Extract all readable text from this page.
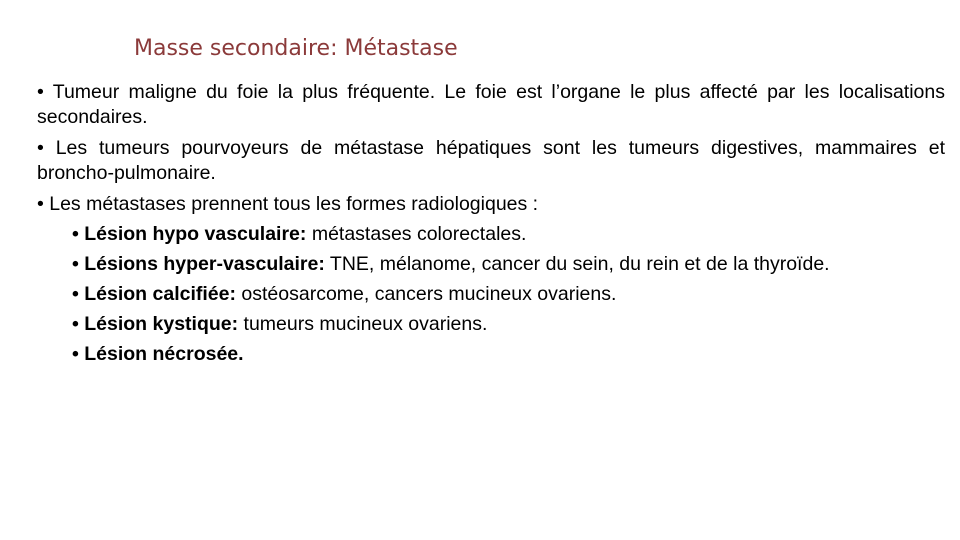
Masse secondaire: Métastase
• Tumeur maligne du foie la plus fréquente. Le foie est l’organe le plus affecté par les localisations secondaires.
• Les tumeurs pourvoyeurs de métastase hépatiques sont les tumeurs digestives, mammaires et broncho-pulmonaire.
• Les métastases prennent tous les formes radiologiques :
• Lésion hypo vasculaire: métastases colorectales.
• Lésions hyper-vasculaire: TNE, mélanome, cancer du sein, du rein et de la thyroïde.
• Lésion calcifiée: ostéosarcome, cancers mucineux ovariens.
• Lésion kystique: tumeurs mucineux ovariens.
• Lésion nécrosée.
